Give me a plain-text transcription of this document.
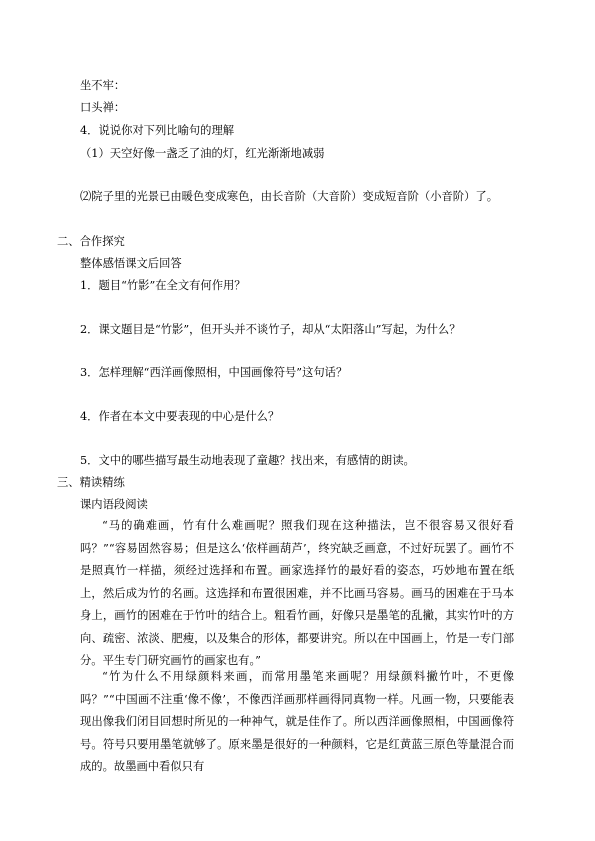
坐不牢：
口头禅：
4．说说你对下列比喻句的理解
（1）天空好像一盏乏了油的灯，红光渐渐地减弱
⑵院子里的光景已由暖色变成寒色，由长音阶（大音阶）变成短音阶（小音阶）了。
二、合作探究
整体感悟课文后回答
1．题目“竹影”在全文有何作用？
2．课文题目是“竹影”，但开头并不谈竹子，却从“太阳落山”写起，为什么？
3．怎样理解“西洋画像照相，中国画像符号”这句话？
4．作者在本文中要表现的中心是什么？
5．文中的哪些描写最生动地表现了童趣？找出来，有感情的朗读。
三、精读精练
课内语段阅读
“马的确难画，竹有什么难画呢？照我们现在这种描法，岂不很容易又很好看吗？”“容易固然容易；但是这么‘依样画葫芦’，终究缺乏画意，不过好玩罢了。画竹不是照真竹一样描，须经过选择和布置。画家选择竹的最好看的姿态，巧妙地布置在纸上，然后成为竹的名画。这选择和布置很困难，并不比画马容易。画马的困难在于马本身上，画竹的困难在于竹叶的结合上。粗看竹画，好像只是墨笔的乱撇，其实竹叶的方向、疏密、浓淡、肥瘦，以及集合的形体，都要讲究。所以在中国画上，竹是一专门部分。平生专门研究画竹的画家也有。”
“竹为什么不用绿颜料来画，而常用墨笔来画呢？用绿颜料撇竹叶，不更像吗？”“中国画不注重‘像不像’，不像西洋画那样画得同真物一样。凡画一物，只要能表现出像我们闭目回想时所见的一种神气，就是佳作了。所以西洋画像照相，中国画像符号。符号只要用墨笔就够了。原来墨是很好的一种颜料，它是红黄蓝三原色等量混合而成的。故墨画中看似只有
